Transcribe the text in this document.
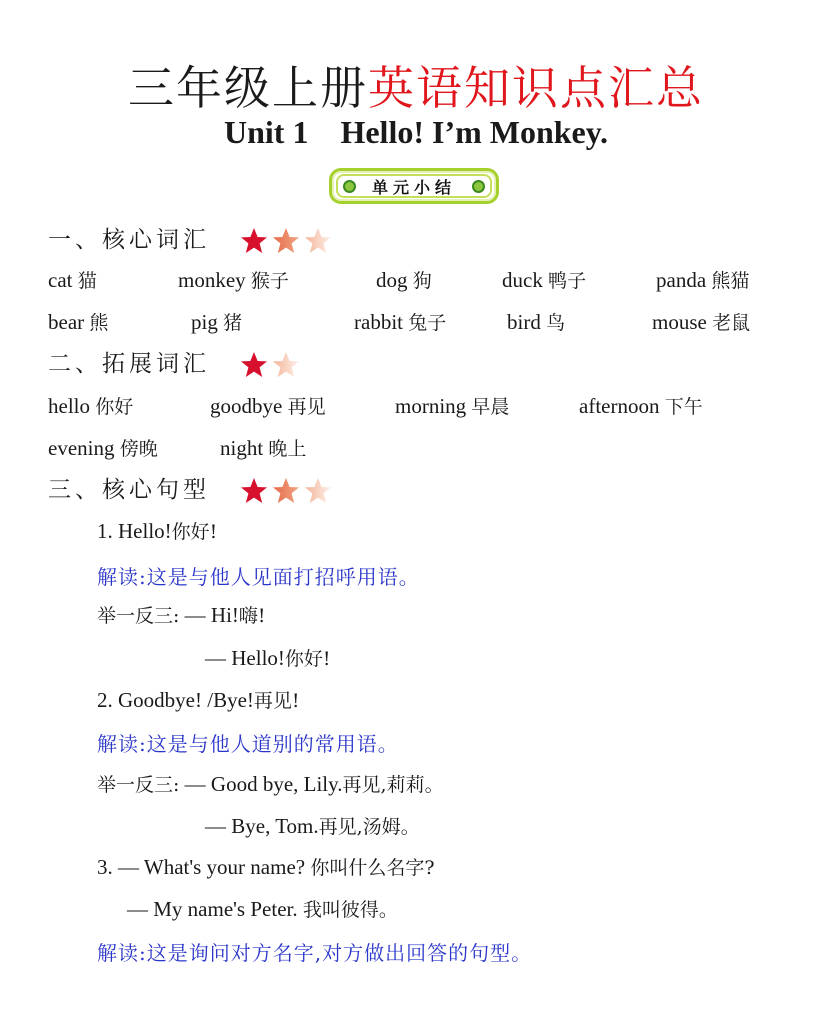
三年级上册英语知识点汇总
Unit 1    Hello! I’m Monkey.
单元小结
一、核心词汇
cat 猫	monkey 猴子	dog 狗	duck 鸭子	panda 熊猫
bear 熊	pig 猪	rabbit 兔子	bird 鸟	mouse 老鼠
二、拓展词汇
hello 你好	goodbye 再见	morning 早晨	afternoon 下午
evening 傍晚	night 晚上
三、核心句型
1. Hello!你好!
解读:这是与他人见面打招呼用语。
举一反三: — Hi!嗨!
— Hello!你好!
2. Goodbye! /Bye!再见!
解读:这是与他人道别的常用语。
举一反三: — Good bye, Lily.再见,莉莉。
— Bye, Tom.再见,汤姆。
3. — What's your name? 你叫什么名字?
— My name's Peter. 我叫彼得。
解读:这是询问对方名字,对方做出回答的句型。
